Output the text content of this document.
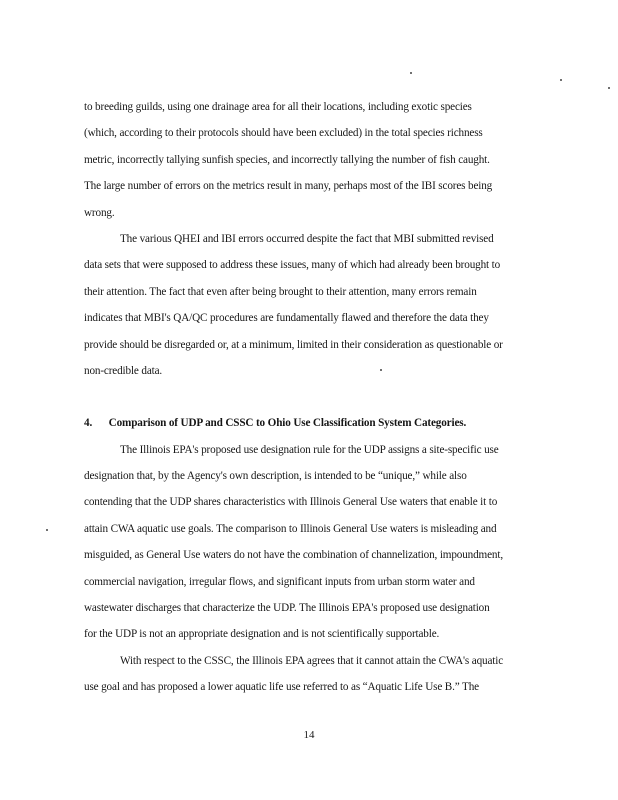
to breeding guilds, using one drainage area for all their locations, including exotic species
(which, according to their protocols should have been excluded) in the total species richness
metric, incorrectly tallying sunfish species, and incorrectly tallying the number of fish caught.
The large number of errors on the metrics result in many, perhaps most of the IBI scores being
wrong.
The various QHEI and IBI errors occurred despite the fact that MBI submitted revised
data sets that were supposed to address these issues, many of which had already been brought to
their attention. The fact that even after being brought to their attention, many errors remain
indicates that MBI's QA/QC procedures are fundamentally flawed and therefore the data they
provide should be disregarded or, at a minimum, limited in their consideration as questionable or
non-credible data.
4. Comparison of UDP and CSSC to Ohio Use Classification System Categories.
The Illinois EPA's proposed use designation rule for the UDP assigns a site-specific use
designation that, by the Agency's own description, is intended to be “unique,” while also
contending that the UDP shares characteristics with Illinois General Use waters that enable it to
attain CWA aquatic use goals. The comparison to Illinois General Use waters is misleading and
misguided, as General Use waters do not have the combination of channelization, impoundment,
commercial navigation, irregular flows, and significant inputs from urban storm water and
wastewater discharges that characterize the UDP. The Illinois EPA's proposed use designation
for the UDP is not an appropriate designation and is not scientifically supportable.
With respect to the CSSC, the Illinois EPA agrees that it cannot attain the CWA's aquatic
use goal and has proposed a lower aquatic life use referred to as “Aquatic Life Use B.” The
14
